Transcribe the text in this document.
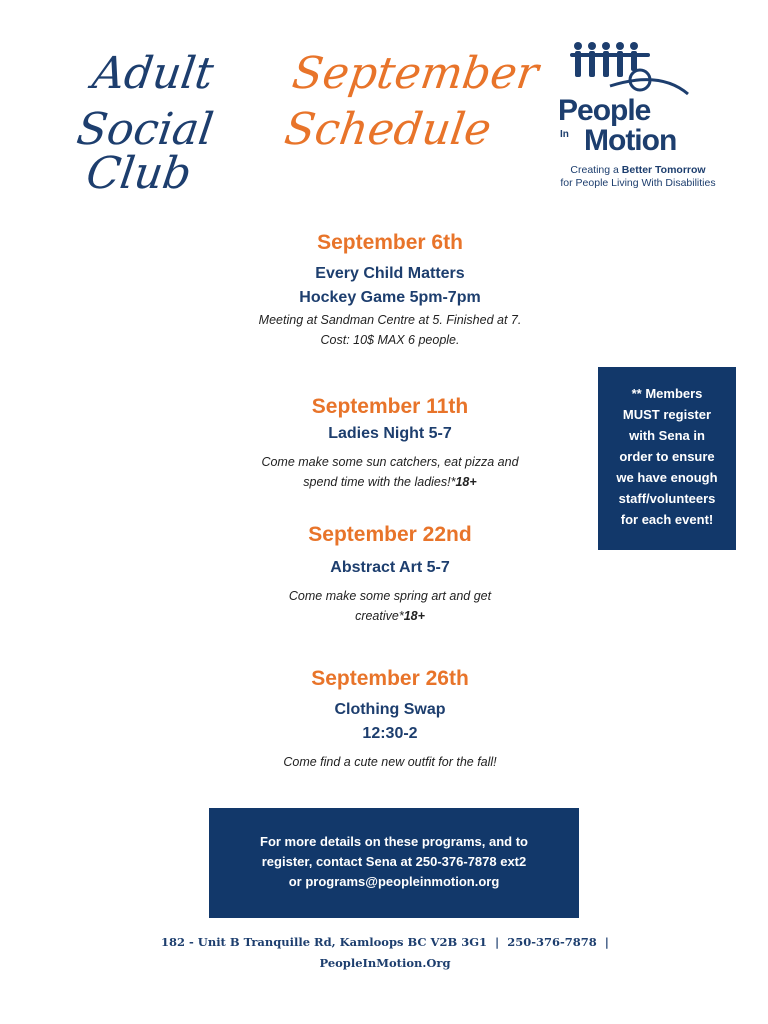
Adult
Social Club
September
Schedule People
In Motion
Creating a Better Tomorrow
for People Living With Disabilities
September 6th
Every Child Matters
Hockey Game 5pm-7pm
Meeting at Sandman Centre at 5. Finished at 7.
Cost: 10$ MAX 6 people.
September 11th
Ladies Night 5-7
Come make some sun catchers, eat pizza and
spend time with the ladies!*18+
September 22nd
Abstract Art 5-7
Come make some spring art and get
creative*18+
September 26th
Clothing Swap
12:30-2
Come find a cute new outfit for the fall!
** Members
MUST register
with Sena in
order to ensure
we have enough
staff/volunteers
for each event!
For more details on these programs, and to
register, contact Sena at 250-376-7878 ext2
or programs@peopleinmotion.org
182 - Unit B Tranquille Rd, Kamloops BC V2B 3G1  |  250-376-7878  |
PeopleInMotion.Org
